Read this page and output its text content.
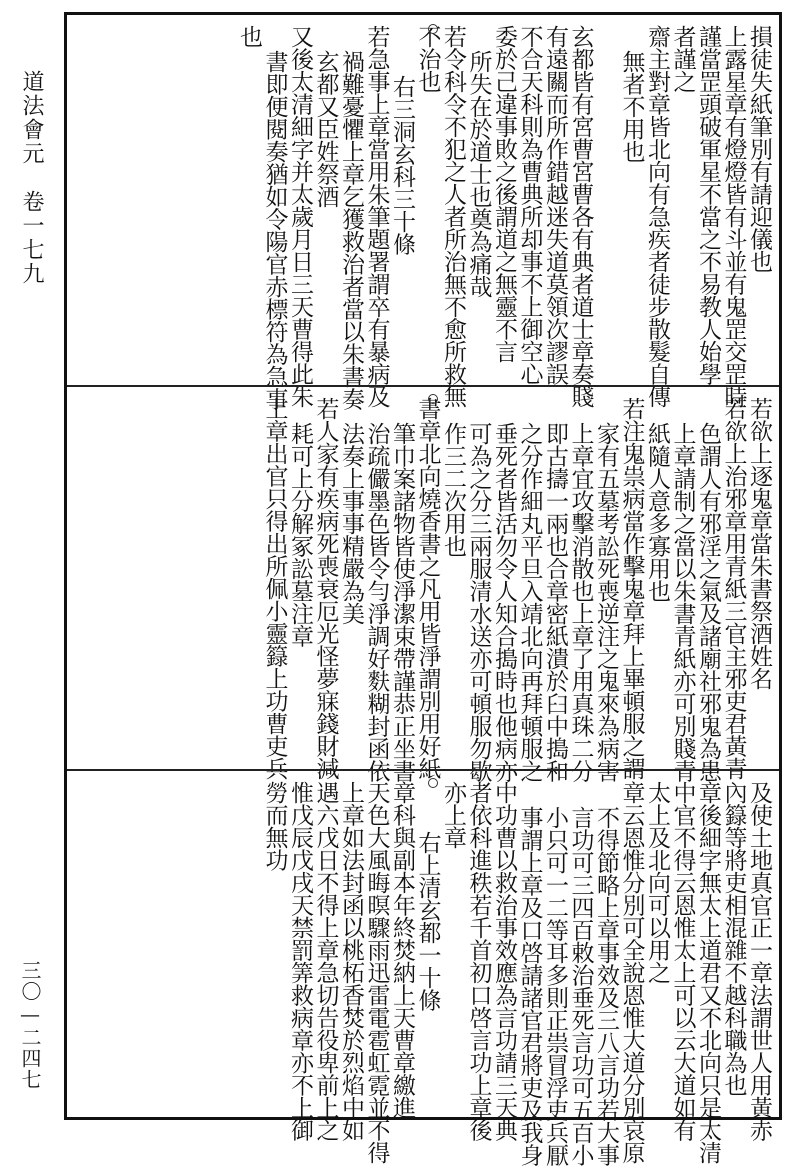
道法會元　卷一七九
三〇—二四七
損徒失紙筆別有請迎儀也
上露星章有燈燈皆有斗並有鬼罡交罡時
謹當罡頭破軍星不當之不易教人始學
者謹之
齋主對章皆北向有急疾者徒步散髮自傳
無者不用也
玄都皆有宮曹宮曹各有典者道士章奏賤
有遠關而所作錯越迷失道莫領次謬誤
不合天科則為曹典所却事不上御空心
委於己違事敗之後謂道之無靈不言
所失在於道士也奠為痛哉
若令科令不犯之人者所治無不愈所救無
不治也
右三洞玄科三十條
若急事上章當用朱筆題署謂卒有暴病及
禍難憂懼上章乞獲救治者當以朱書奏
玄都又臣姓祭酒
又後太清細字并太歲月日三天曹得此朱
書即便閱奏猶如令陽官赤標符為急事
也
若欲上逐鬼章當朱書祭酒姓名
若欲上治邪章用青紙三官主邪吏君黃青
色謂人有邪淫之氣及諸廟社邪鬼為患
上章請制之當以朱書青紙亦可別賤青
紙隨人意多寡用也
若注鬼祟病當作擊鬼章拜上畢頓服之謂
家有五墓考訟死喪逆注之鬼來為病害
上章宜攻擊消散也上章了用真珠二分
即古擣一兩也合章密紙潰於臼中搗和
之分作細丸平旦入靖北向再拜頓服之
垂死者皆活勿令人知合搗時也他病亦
可為之分三兩服清水送亦可頓服勿歇
作三二次用也
書章北向燒香書之凡用皆淨謂別用好紙
筆巾案諸物皆使淨潔束帶謹恭正坐書
治疏儼墨色皆令勻淨調好麩糊封函依
法奏上事事精嚴為美
若人家有疾病死喪衰厄光怪夢寐錢財減
耗可上分解冢訟墓注章
上章出官只得出所佩小靈籙上功曹吏兵
及使土地真官正一章法謂世人用黃赤
內籙等將吏相混雜不越科職為也
章後細字無太上道君又不北向只是太清
中官不得云恩惟太上可以云大道如有
太上及北向可以用之
章云恩惟分別可全說恩惟大道分別哀原
不得節略上章事效及三八言功若大事
言功可三四百敕治垂死言功可五百小
小只可一二等耳多則正祟冒浮吏兵厭
事謂上章及口啓請諸官君將吏及我身
中功曹以救治事效應為言功請三天典
者依科進秩若千首初口啓言功上章後
亦上章
右上清玄都一十條
章科與副本年終焚納上天曹章繳進
天色大風晦暝驟雨迅雷電雹虹霓並不得
上章如法封函以桃柘香焚於烈焰中如
遇六戊日不得上章急切告役卑前上之
惟戊辰戊戌天禁罰筭救病章亦不上御
勞而無功
